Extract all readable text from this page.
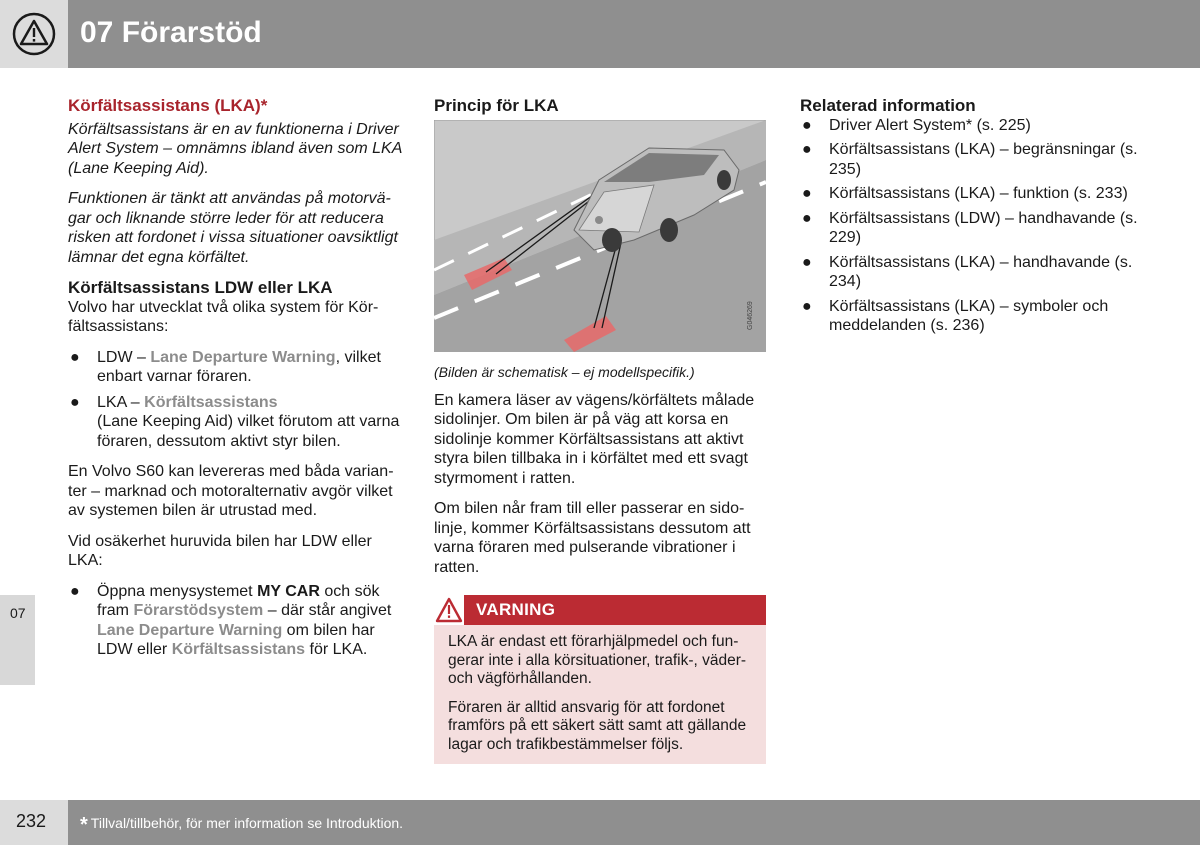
07 Förarstöd
07
Körfältsassistans (LKA)*

Körfältsassistans är en av funktionerna i Driver Alert System – omnämns ibland även som LKA (Lane Keeping Aid).

Funktionen är tänkt att användas på motorvägar och liknande större leder för att reducera risken att fordonet i vissa situationer oavsiktligt lämnar det egna körfältet.

Körfältsassistans LDW eller LKA

Volvo har utvecklat två olika system för Körfältsassistans:

● LDW – Lane Departure Warning, vilket enbart varnar föraren.
● LKA – Körfältsassistans
(Lane Keeping Aid) vilket förutom att varna föraren, dessutom aktivt styr bilen.

En Volvo S60 kan levereras med båda varianter – marknad och motoralternativ avgör vilket av systemen bilen är utrustad med.

Vid osäkerhet huruvida bilen har LDW eller LKA:

● Öppna menysystemet MY CAR och sök fram Förarstödsystem – där står angivet Lane Departure Warning om bilen har LDW eller Körfältsassistans för LKA.
Princip för LKA
G046269
(Bilden är schematisk – ej modellspecifik.)

En kamera läser av vägens/körfältets målade sidolinjer. Om bilen är på väg att korsa en sidolinje kommer Körfältsassistans att aktivt styra bilen tillbaka in i körfältet med ett svagt styrmoment i ratten.

Om bilen når fram till eller passerar en sidolinje, kommer Körfältsassistans dessutom att varna föraren med pulserande vibrationer i ratten.

VARNING

LKA är endast ett förarhjälpmedel och fungerar inte i alla körsituationer, trafik-, väder- och vägförhållanden.

Föraren är alltid ansvarig för att fordonet framförs på ett säkert sätt samt att gällande lagar och trafikbestämmelser följs.

Relaterad information
● Driver Alert System* (s. 225)
● Körfältsassistans (LKA) – begränsningar (s. 235)
● Körfältsassistans (LKA) – funktion (s. 233)
● Körfältsassistans (LDW) – handhavande (s. 229)
● Körfältsassistans (LKA) – handhavande (s. 234)
● Körfältsassistans (LKA) – symboler och meddelanden (s. 236)
232 * Tillval/tillbehör, för mer information se Introduktion.
